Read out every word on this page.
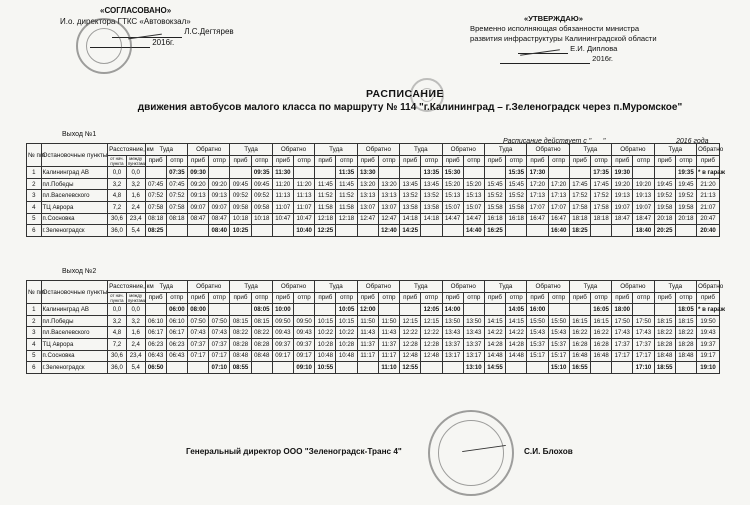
«СОГЛАСОВАНО»
И.о. директора ГТКС «Автовокзал»
Л.С.Дегтярев
2016г.
«УТВЕРЖДАЮ»
Временно исполняющая обязанности министра
развития инфраструктуры Калининградской области
Е.И. Диплова
2016г.
РАСПИСАНИЕ
движения автобусов малого класса по маршруту № 114 "г.Калининград – г.Зеленоградск через п.Муромское"
Выход №1
Расписание действует с "___"	2016 года
№ п/п	Остановочные пункты	Расстояние, км		Туда		Обратно		Туда		Обратно		Туда		Обратно		Туда		Обратно		Туда		Обратно		Туда		Обратно		Туда		Обратно
		от нач. пункта	между пунктами																											
				приб	отпр	приб	отпр	приб	отпр	приб	отпр	приб	отпр	приб	отпр	приб	отпр	приб	отпр	приб	отпр	приб	отпр	приб	отпр	приб	отпр	приб	отпр	приб
1	Калининград АВ	0,0	0,0		07:35	09:30			09:35	11:30			11:35	13:30			13:35	15:30			15:35	17:30			17:35	19:30			19:35	* в гараж
2	пл.Победы	3,2	3,2	07:45	07:45	09:20	09:20	09:45	09:45	11:20	11:20	11:45	11:45	13:20	13:20	13:45	13:45	15:20	15:20	15:45	15:45	17:20	17:20	17:45	17:45	19:20	19:20	19:45	19:45	21:20
3	пл.Васелевского	4,8	1,6	07:52	07:52	09:13	09:13	09:52	09:52	11:13	11:13	11:52	11:52	13:13	13:13	13:52	13:52	15:13	15:13	15:52	15:52	17:13	17:13	17:52	17:52	19:13	19:13	19:52	19:52	21:13
4	ТЦ Аврора	7,2	2,4	07:58	07:58	09:07	09:07	09:58	09:58	11:07	11:07	11:58	11:58	13:07	13:07	13:58	13:58	15:07	15:07	15:58	15:58	17:07	17:07	17:58	17:58	19:07	19:07	19:58	19:58	21:07
5	п.Сосновка	30,6	23,4	08:18	08:18	08:47	08:47	10:18	10:18	10:47	10:47	12:18	12:18	12:47	12:47	14:18	14:18	14:47	14:47	16:18	16:18	16:47	16:47	18:18	18:18	18:47	18:47	20:18	20:18	20:47
6	г.Зеленоградск	36,0	5,4	08:25			08:40	10:25			10:40	12:25			12:40	14:25			14:40	16:25			16:40	18:25			18:40	20:25		20:40
Выход №2
№ п/п	Остановочные пункты	Расстояние, км		Туда		Обратно		Туда		Обратно		Туда		Обратно		Туда		Обратно		Туда		Обратно		Туда		Обратно		Туда		Обратно
		от нач. пункта	между пунктами																											
				приб	отпр	приб	отпр	приб	отпр	приб	отпр	приб	отпр	приб	отпр	приб	отпр	приб	отпр	приб	отпр	приб	отпр	приб	отпр	приб	отпр	приб	отпр	приб
1	Калининград АВ	0,0	0,0		06:00	08:00			08:05	10:00			10:05	12:00			12:05	14:00			14:05	16:00			16:05	18:00			18:05	* в гараж
2	пл.Победы	3,2	3,2	06:10	06:10	07:50	07:50	08:15	08:15	09:50	09:50	10:15	10:15	11:50	11:50	12:15	12:15	13:50	13:50	14:15	14:15	15:50	15:50	16:15	16:15	17:50	17:50	18:15	18:15	19:50
3	пл.Васелевского	4,8	1,6	06:17	06:17	07:43	07:43	08:22	08:22	09:43	09:43	10:22	10:22	11:43	11:43	12:22	12:22	13:43	13:43	14:22	14:22	15:43	15:43	16:22	16:22	17:43	17:43	18:22	18:22	19:43
4	ТЦ Аврора	7,2	2,4	06:23	06:23	07:37	07:37	08:28	08:28	09:37	09:37	10:28	10:28	11:37	11:37	12:28	12:28	13:37	13:37	14:28	14:28	15:37	15:37	16:28	16:28	17:37	17:37	18:28	18:28	19:37
5	п.Сосновка	30,6	23,4	06:43	06:43	07:17	07:17	08:48	08:48	09:17	09:17	10:48	10:48	11:17	11:17	12:48	12:48	13:17	13:17	14:48	14:48	15:17	15:17	16:48	16:48	17:17	17:17	18:48	18:48	19:17
6	г.Зеленоградск	36,0	5,4	06:50			07:10	08:55			09:10	10:55			11:10	12:55			13:10	14:55			15:10	16:55			17:10	18:55		19:10
Генеральный директор ООО "Зеленоградск-Транс 4"	С.И. Блохов
